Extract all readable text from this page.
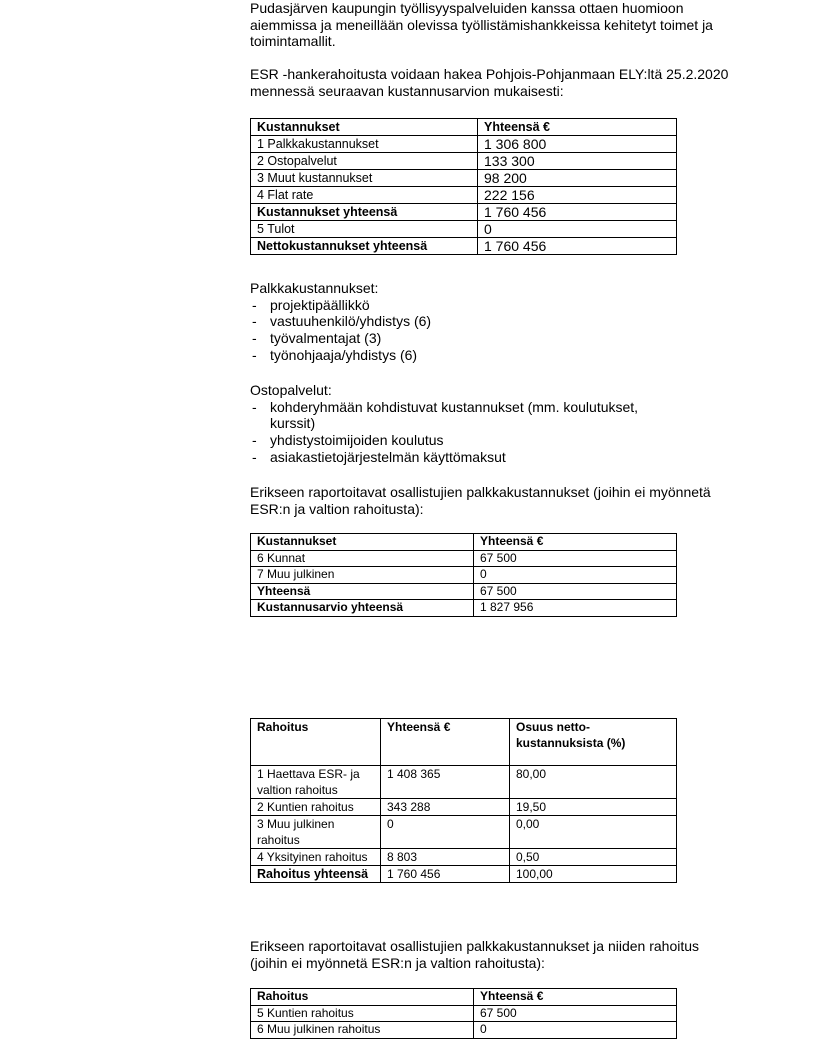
Pudasjärven kaupungin työllisyyspalveluiden kanssa ottaen huomioon aiemmissa ja meneillään olevissa työllistämishankkeissa kehitetyt toimet ja toimintamallit.

ESR -hankerahoitusta voidaan hakea Pohjois-Pohjanmaan ELY:ltä 25.2.2020 mennessä seuraavan kustannusarvion mukaisesti:

Kustannukset	Yhteensä €
1 Palkkakustannukset	1 306 800
2 Ostopalvelut	133 300
3 Muut kustannukset	98 200
4 Flat rate	222 156
Kustannukset yhteensä	1 760 456
5 Tulot	0
Nettokustannukset yhteensä	1 760 456

Palkkakustannukset:

- projektipäällikkö
- vastuuhenkilö/yhdistys (6)
- työvalmentajat (3)
- työnohjaaja/yhdistys (6)

Ostopalvelut:

- kohderyhmään kohdistuvat kustannukset (mm. koulutukset, kurssit)
- yhdistystoimijoiden koulutus
- asiakastietojärjestelmän käyttömaksut

Erikseen raportoitavat osallistujien palkkakustannukset (joihin ei myönnetä ESR:n ja valtion rahoitusta):

Kustannukset	Yhteensä €
6 Kunnat	67 500
7 Muu julkinen	0
Yhteensä	67 500
Kustannusarvio yhteensä	1 827 956
Rahoitus	Yhteensä €	Osuus netto-kustannuksista (%)
1 Haettava ESR- ja valtion rahoitus	1 408 365	80,00
2 Kuntien rahoitus	343 288	19,50
3 Muu julkinen rahoitus	0	0,00
4 Yksityinen rahoitus	8 803	0,50
Rahoitus yhteensä	1 760 456	100,00

Erikseen raportoitavat osallistujien palkkakustannukset ja niiden rahoitus (joihin ei myönnetä ESR:n ja valtion rahoitusta):

Rahoitus	Yhteensä €
5 Kuntien rahoitus	67 500
6 Muu julkinen rahoitus	0
